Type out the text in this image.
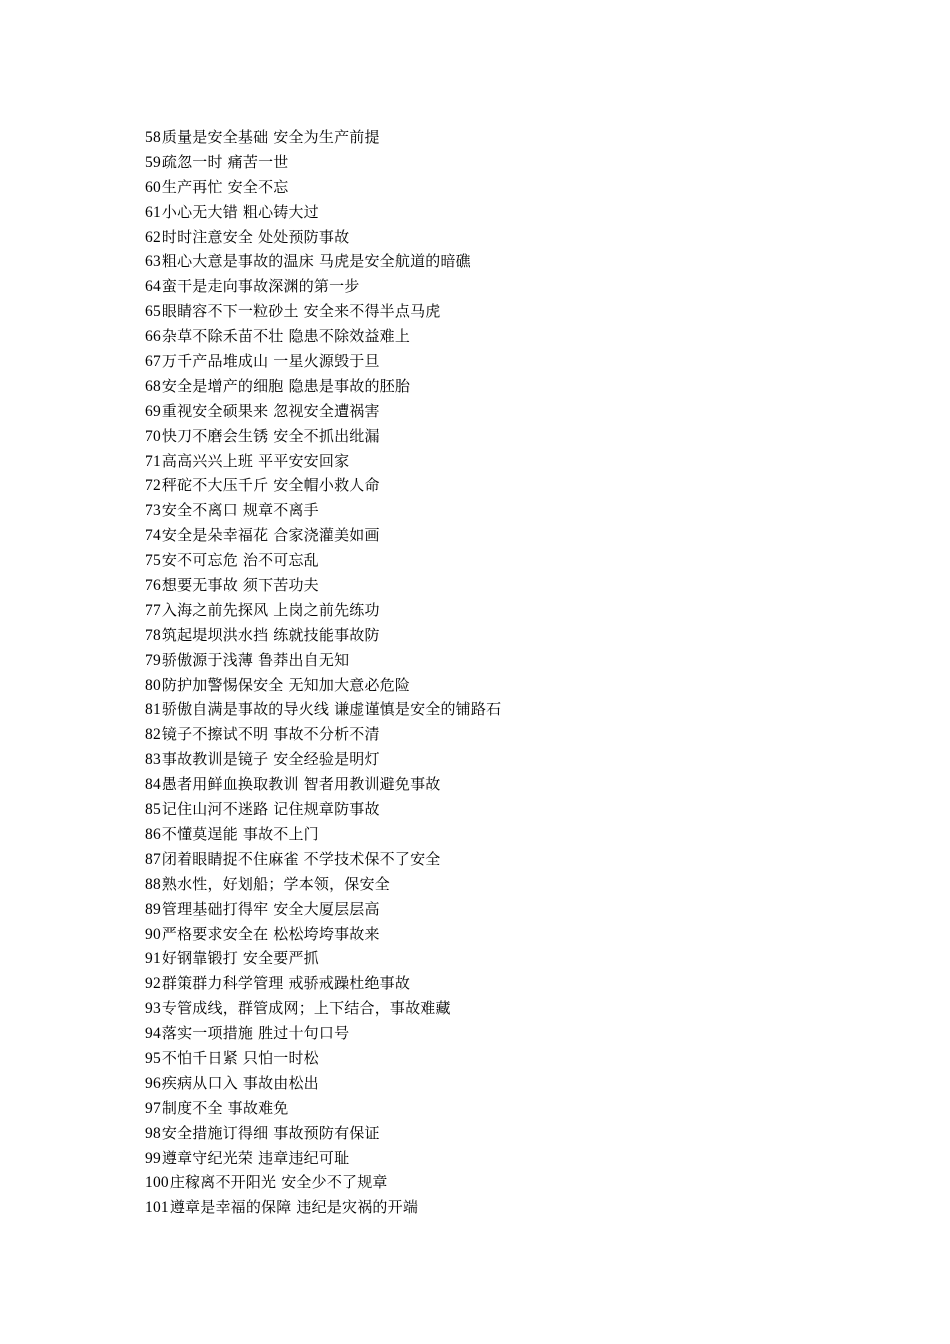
58质量是安全基础 安全为生产前提
59疏忽一时 痛苦一世
60生产再忙 安全不忘
61小心无大错 粗心铸大过
62时时注意安全 处处预防事故
63粗心大意是事故的温床 马虎是安全航道的暗礁
64蛮干是走向事故深渊的第一步
65眼睛容不下一粒砂土 安全来不得半点马虎
66杂草不除禾苗不壮 隐患不除效益难上
67万千产品堆成山 一星火源毁于旦
68安全是增产的细胞 隐患是事故的胚胎
69重视安全硕果来 忽视安全遭祸害
70快刀不磨会生锈 安全不抓出纰漏
71高高兴兴上班 平平安安回家
72秤砣不大压千斤 安全帽小救人命
73安全不离口 规章不离手
74安全是朵幸福花 合家浇灌美如画
75安不可忘危 治不可忘乱
76想要无事故 须下苦功夫
77入海之前先探风 上岗之前先练功
78筑起堤坝洪水挡 练就技能事故防
79骄傲源于浅薄 鲁莽出自无知
80防护加警惕保安全 无知加大意必危险
81骄傲自满是事故的导火线 谦虚谨慎是安全的铺路石
82镜子不擦试不明 事故不分析不清
83事故教训是镜子 安全经验是明灯
84愚者用鲜血换取教训 智者用教训避免事故
85记住山河不迷路 记住规章防事故
86不懂莫逞能 事故不上门
87闭着眼睛捉不住麻雀 不学技术保不了安全
88熟水性，好划船；学本领，保安全
89管理基础打得牢 安全大厦层层高
90严格要求安全在 松松垮垮事故来
91好钢靠锻打 安全要严抓
92群策群力科学管理 戒骄戒躁杜绝事故
93专管成线，群管成网；上下结合，事故难藏
94落实一项措施 胜过十句口号
95不怕千日紧 只怕一时松
96疾病从口入 事故由松出
97制度不全 事故难免
98安全措施订得细 事故预防有保证
99遵章守纪光荣 违章违纪可耻
100庄稼离不开阳光 安全少不了规章
101遵章是幸福的保障 违纪是灾祸的开端
